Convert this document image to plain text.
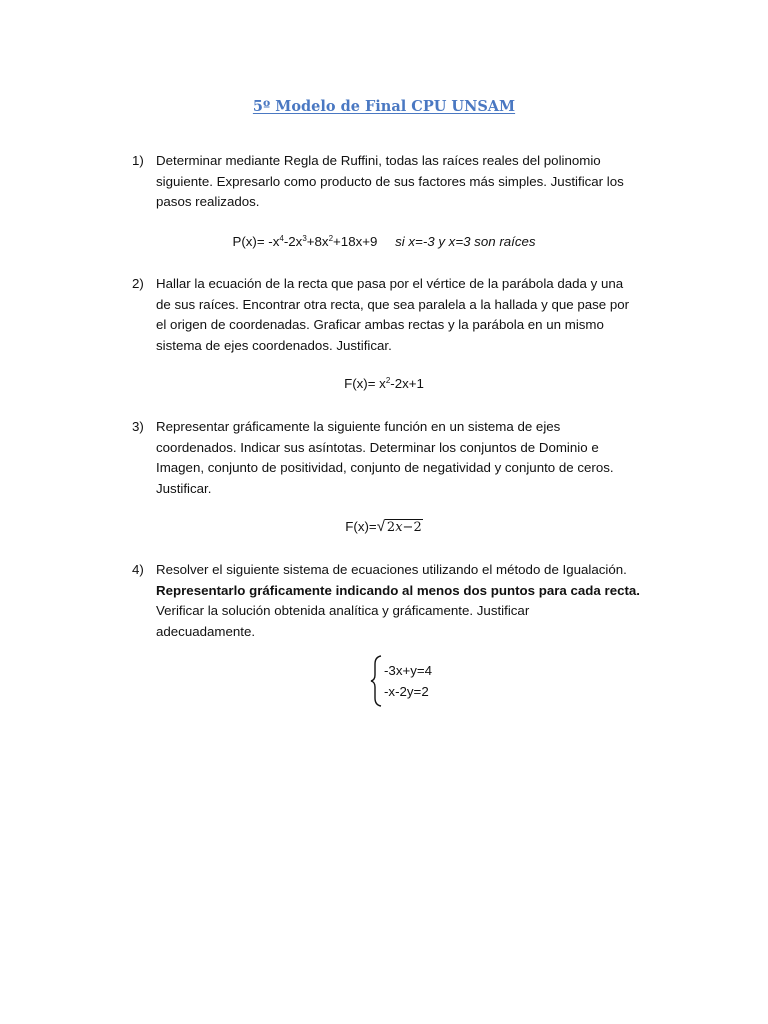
5º Modelo de Final CPU UNSAM
1) Determinar mediante Regla de Ruffini, todas las raíces reales del polinomio
siguiente. Expresarlo como producto de sus factores más simples. Justificar los
pasos realizados.
$P(x)= -x^4-2x^3+8x^2+18x+9$ si x=-3 y x=3 son raíces
2) Hallar la ecuación de la recta que pasa por el vértice de la parábola dada y una
de sus raíces. Encontrar otra recta, que sea paralela a la hallada y que pase por
el origen de coordenadas. Graficar ambas rectas y la parábola en un mismo
sistema de ejes coordenados. Justificar.
$F(x)= x^2-2x+1$
3) Representar gráficamente la siguiente función en un sistema de ejes
coordenados. Indicar sus asíntotas. Determinar los conjuntos de Dominio e
Imagen, conjunto de positividad, conjunto de negatividad y conjunto de ceros.
Justificar.
F(x)=√ 2x−2
4) Resolver el siguiente sistema de ecuaciones utilizando el método de Igualación.
Representarlo gráficamente indicando al menos dos puntos para cada recta.
Verificar la solución obtenida analítica y gráficamente. Justificar
adecuadamente.
-3x+y=4
-x-2y=2
